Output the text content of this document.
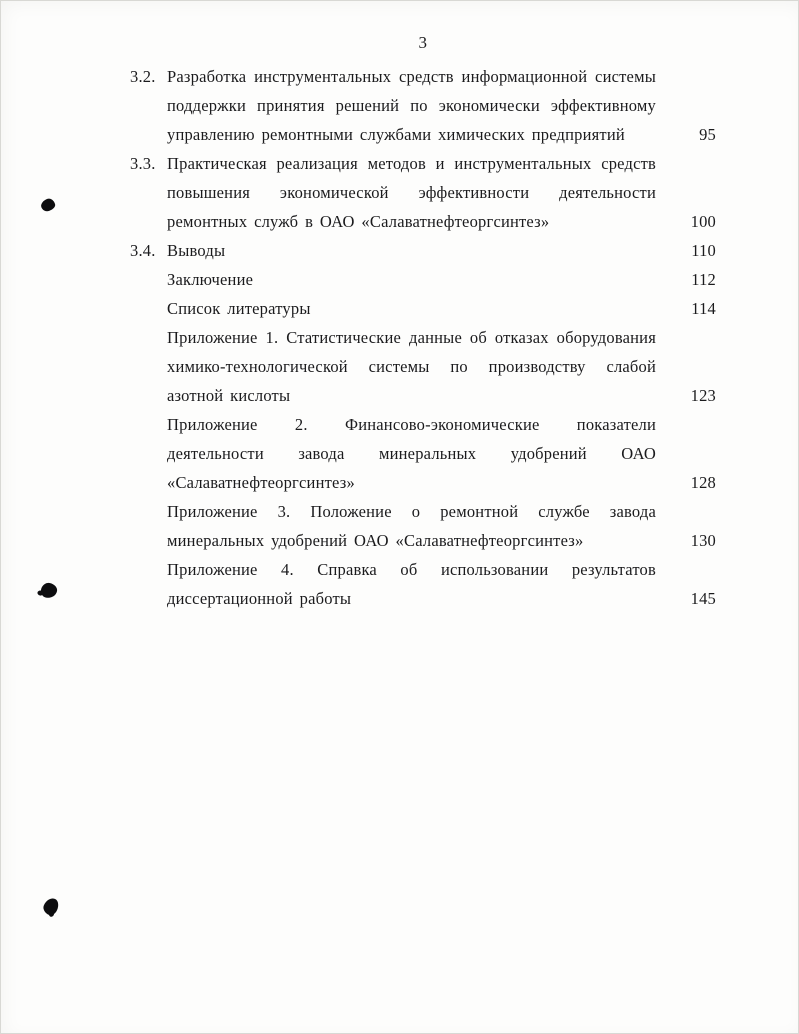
3
3.2. Разработка инструментальных средств информационной системы поддержки принятия решений по экономически эффективному управлению ремонтными службами химических предприятий	95
3.3. Практическая реализация методов и инструментальных средств повышения экономической эффективности деятельности ремонтных служб в ОАО «Салаватнефтеоргсинтез»	100
3.4. Выводы	110
Заключение	112
Список литературы	114
Приложение 1. Статистические данные об отказах оборудования химико-технологической системы по производству слабой азотной кислоты	123
Приложение 2. Финансово-экономические показатели деятельности завода минеральных удобрений ОАО «Салаватнефтеоргсинтез»	128
Приложение 3. Положение о ремонтной службе завода минеральных удобрений ОАО «Салаватнефтеоргсинтез»	130
Приложение 4. Справка об использовании результатов диссертационной работы	145
